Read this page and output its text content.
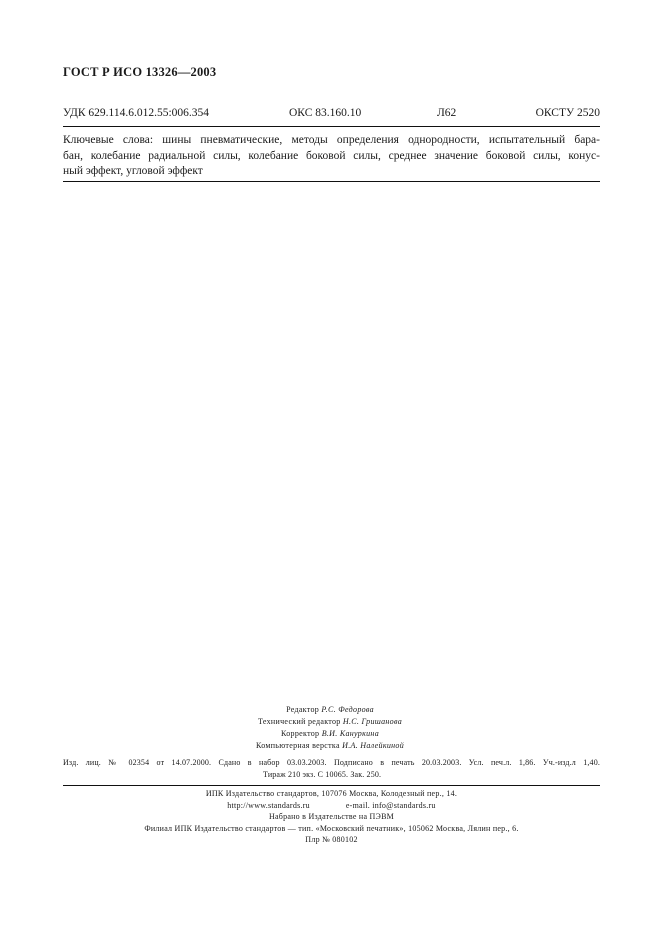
ГОСТ Р ИСО 13326—2003
УДК 629.114.6.012.55:006.354	ОКС 83.160.10	Л62	ОКСТУ 2520
Ключевые слова: шины пневматические, методы определения однородности, испытательный бара-
бан, колебание радиальной силы, колебание боковой силы, среднее значение боковой силы, конус-
ный эффект, угловой эффект
Редактор Р.С. Федорова
Технический редактор Н.С. Гришанова
Корректор В.И. Кануркина
Компьютерная верстка И.А. Налейкиной
Изд. лиц. № 02354 от 14.07.2000. Сдано в набор 03.03.2003. Подписано в печать 20.03.2003. Усл. печ.л. 1,86. Уч.-изд.л 1,40.
Тираж 210 экз. С 10065. Зак. 250.
ИПК Издательство стандартов, 107076 Москва, Колодезный пер., 14.
http://www.standards.ru	e-mail. info@standards.ru
Набрано в Издательстве на ПЭВМ
Филиал ИПК Издательство стандартов — тип. «Московский печатник», 105062 Москва, Лялин пер., 6.
Плр № 080102
